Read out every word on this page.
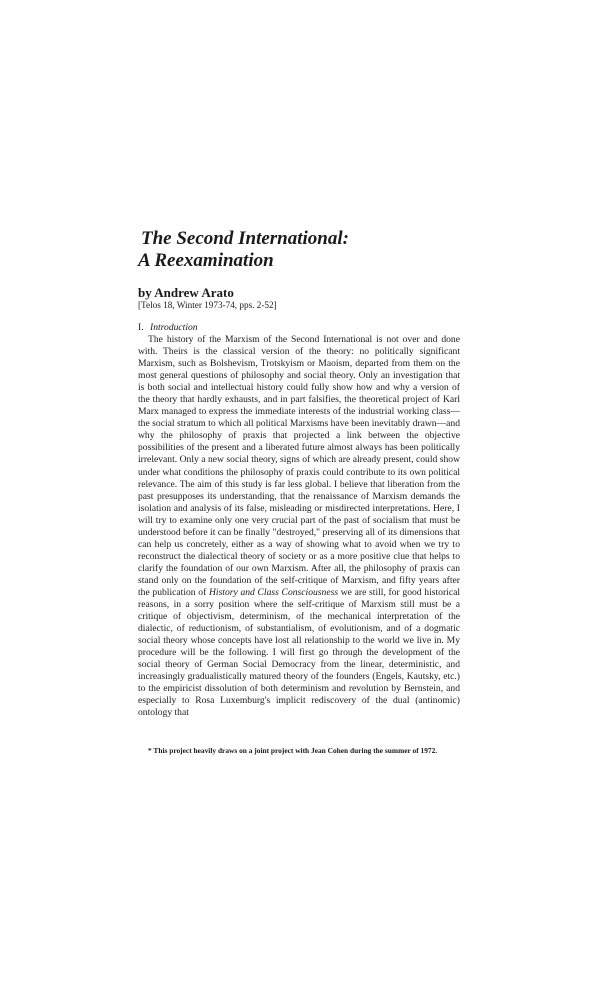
The Second International:
A Reexamination

by Andrew Arato

[Telos 18, Winter 1973-74, pps. 2-52]

I. Introduction

The history of the Marxism of the Second International is not over and done with. Theirs is the classical version of the theory: no politically significant Marxism, such as Bolshevism, Trotskyism or Maoism, departed from them on the most general questions of philosophy and social theory. Only an investigation that is both social and intellectual history could fully show how and why a version of the theory that hardly exhausts, and in part falsifies, the theoretical project of Karl Marx managed to express the immediate interests of the industrial working class—the social stratum to which all political Marxisms have been inevitably drawn—and why the philosophy of praxis that projected a link between the objective possibilities of the present and a liberated future almost always has been politically irrelevant. Only a new social theory, signs of which are already present, could show under what conditions the philosophy of praxis could contribute to its own political relevance. The aim of this study is far less global. I believe that liberation from the past presupposes its understanding, that the renaissance of Marxism demands the isolation and analysis of its false, misleading or misdirected interpretations. Here, I will try to examine only one very crucial part of the past of socialism that must be understood before it can be finally "destroyed," preserving all of its dimensions that can help us concretely, either as a way of showing what to avoid when we try to reconstruct the dialectical theory of society or as a more positive clue that helps to clarify the foundation of our own Marxism. After all, the philosophy of praxis can stand only on the foundation of the self-critique of Marxism, and fifty years after the publication of History and Class Consciousness we are still, for good historical reasons, in a sorry position where the self-critique of Marxism still must be a critique of objectivism, determinism, of the mechanical interpretation of the dialectic, of reductionism, of substantialism, of evolutionism, and of a dogmatic social theory whose concepts have lost all relationship to the world we live in. My procedure will be the following. I will first go through the development of the social theory of German Social Democracy from the linear, deterministic, and increasingly gradualistically matured theory of the founders (Engels, Kautsky, etc.) to the empiricist dissolution of both determinism and revolution by Bernstein, and especially to Rosa Luxemburg's implicit rediscovery of the dual (antinomic) ontology that

* This project heavily draws on a joint project with Jean Cohen during the summer of 1972.
